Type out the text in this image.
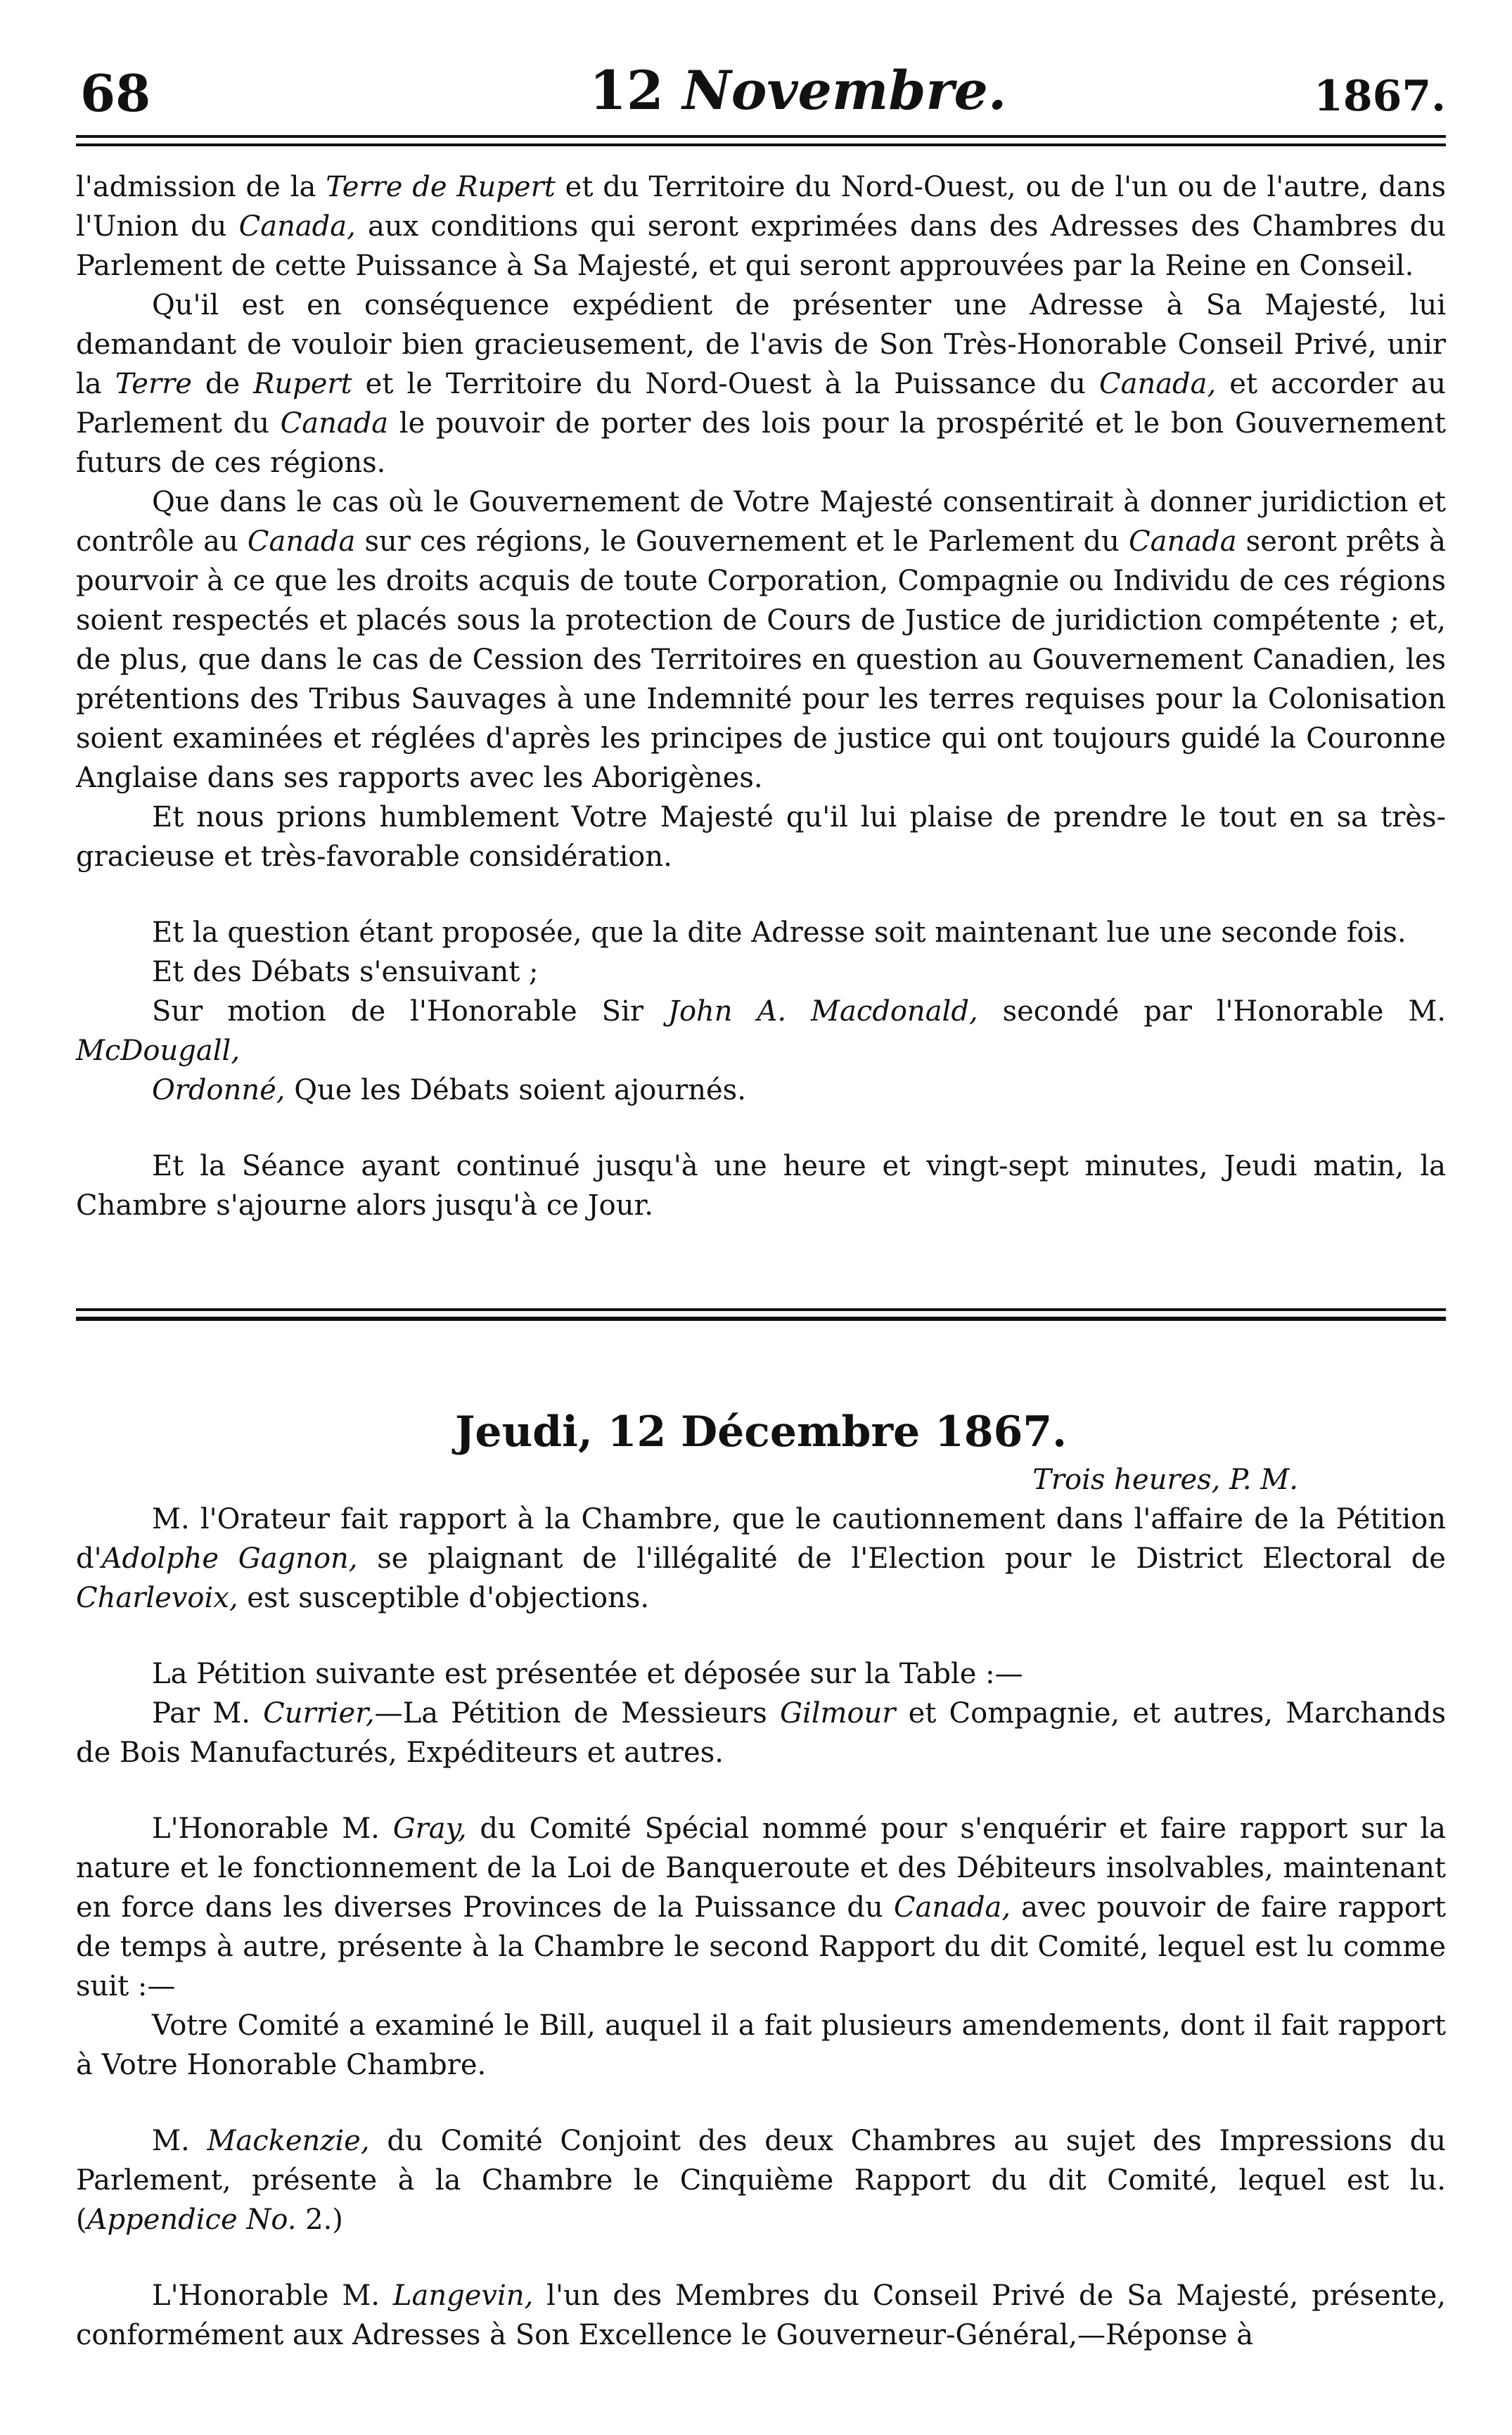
68	12 Novembre.	1867.

l'admission de la Terre de Rupert et du Territoire du Nord-Ouest, ou de l'un ou de l'autre, dans l'Union du Canada, aux conditions qui seront exprimées dans des Adresses des Chambres du Parlement de cette Puissance à Sa Majesté, et qui seront approuvées par la Reine en Conseil.

Qu'il est en conséquence expédient de présenter une Adresse à Sa Majesté, lui demandant de vouloir bien gracieusement, de l'avis de Son Très-Honorable Conseil Privé, unir la Terre de Rupert et le Territoire du Nord-Ouest à la Puissance du Canada, et accorder au Parlement du Canada le pouvoir de porter des lois pour la prospérité et le bon Gouvernement futurs de ces régions.

Que dans le cas où le Gouvernement de Votre Majesté consentirait à donner juridiction et contrôle au Canada sur ces régions, le Gouvernement et le Parlement du Canada seront prêts à pourvoir à ce que les droits acquis de toute Corporation, Compagnie ou Individu de ces régions soient respectés et placés sous la protection de Cours de Justice de juridiction compétente ; et, de plus, que dans le cas de Cession des Territoires en question au Gouvernement Canadien, les prétentions des Tribus Sauvages à une Indemnité pour les terres requises pour la Colonisation soient examinées et réglées d'après les principes de justice qui ont toujours guidé la Couronne Anglaise dans ses rapports avec les Aborigènes.

Et nous prions humblement Votre Majesté qu'il lui plaise de prendre le tout en sa très-gracieuse et très-favorable considération.

Et la question étant proposée, que la dite Adresse soit maintenant lue une seconde fois.

Et des Débats s'ensuivant ;

Sur motion de l'Honorable Sir John A. Macdonald, secondé par l'Honorable M. McDougall,

Ordonné, Que les Débats soient ajournés.

Et la Séance ayant continué jusqu'à une heure et vingt-sept minutes, Jeudi matin, la Chambre s'ajourne alors jusqu'à ce Jour.

Jeudi, 12 Décembre 1867.
Trois heures, P. M.

M. l'Orateur fait rapport à la Chambre, que le cautionnement dans l'affaire de la Pétition d'Adolphe Gagnon, se plaignant de l'illégalité de l'Election pour le District Electoral de Charlevoix, est susceptible d'objections.

La Pétition suivante est présentée et déposée sur la Table :—

Par M. Currier,—La Pétition de Messieurs Gilmour et Compagnie, et autres, Marchands de Bois Manufacturés, Expéditeurs et autres.

L'Honorable M. Gray, du Comité Spécial nommé pour s'enquérir et faire rapport sur la nature et le fonctionnement de la Loi de Banqueroute et des Débiteurs insolvables, maintenant en force dans les diverses Provinces de la Puissance du Canada, avec pouvoir de faire rapport de temps à autre, présente à la Chambre le second Rapport du dit Comité, lequel est lu comme suit :—

Votre Comité a examiné le Bill, auquel il a fait plusieurs amendements, dont il fait rapport à Votre Honorable Chambre.

M. Mackenzie, du Comité Conjoint des deux Chambres au sujet des Impressions du Parlement, présente à la Chambre le Cinquième Rapport du dit Comité, lequel est lu. (Appendice No. 2.)

L'Honorable M. Langevin, l'un des Membres du Conseil Privé de Sa Majesté, présente, conformément aux Adresses à Son Excellence le Gouverneur-Général,—Réponse à
